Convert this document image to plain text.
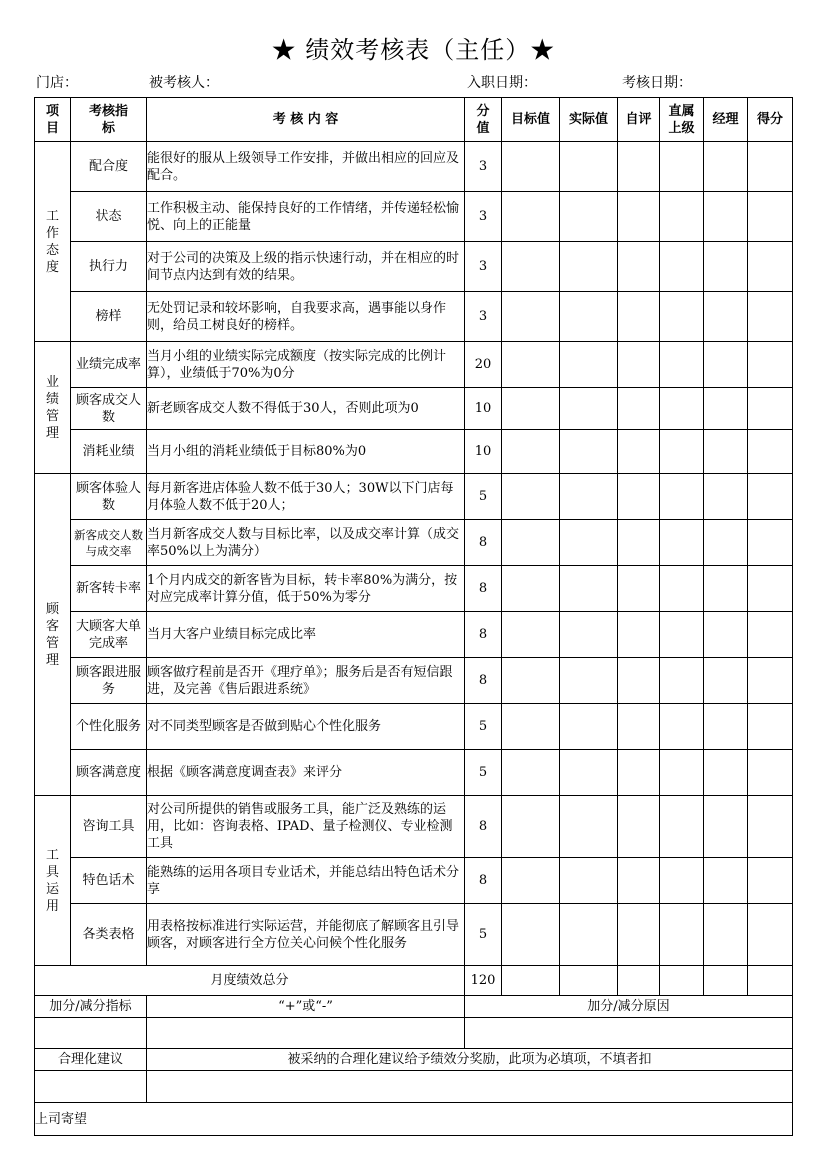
★ 绩效考核表（主任）★
门店：	被考核人：	入职日期：	考核日期：
项目	考核指标	考 核 内 容	分值	目标值	实际值	自评	直属上级	经理	得分
工作态度	配合度	能很好的服从上级领导工作安排，并做出相应的回应及配合。	3						
	状态	工作积极主动、能保持良好的工作情绪，并传递轻松愉悦、向上的正能量	3						
	执行力	对于公司的决策及上级的指示快速行动，并在相应的时间节点内达到有效的结果。	3						
	榜样	无处罚记录和较坏影响，自我要求高，遇事能以身作则，给员工树良好的榜样。	3						
业绩管理	业绩完成率	当月小组的业绩实际完成额度（按实际完成的比例计算），业绩低于70%为0分	20						
	顾客成交人数	新老顾客成交人数不得低于30人，否则此项为0	10						
	消耗业绩	当月小组的消耗业绩低于目标80%为0	10						
顾客管理	顾客体验人数	每月新客进店体验人数不低于30人；30W以下门店每月体验人数不低于20人；	5						
	新客成交人数与成交率	当月新客成交人数与目标比率，以及成交率计算（成交率50%以上为满分）	8						
	新客转卡率	1个月内成交的新客皆为目标，转卡率80%为满分，按对应完成率计算分值，低于50%为零分	8						
	大顾客大单完成率	当月大客户业绩目标完成比率	8						
	顾客跟进服务	顾客做疗程前是否开《理疗单》；服务后是否有短信跟进，及完善《售后跟进系统》	8						
	个性化服务	对不同类型顾客是否做到贴心个性化服务	5						
	顾客满意度	根据《顾客满意度调查表》来评分	5						
工具运用	咨询工具	对公司所提供的销售或服务工具，能广泛及熟练的运用，比如：咨询表格、IPAD、量子检测仪、专业检测工具	8						
	特色话术	能熟练的运用各项目专业话术，并能总结出特色话术分享	8						
	各类表格	用表格按标准进行实际运营，并能彻底了解顾客且引导顾客，对顾客进行全方位关心问候个性化服务	5						
月度绩效总分			120						
加分/减分指标		“+”或“-”	加分/减分原因						

合理化建议		被采纳的合理化建议给予绩效分奖励，此项为必填项，不填者扣							

上司寄望									
